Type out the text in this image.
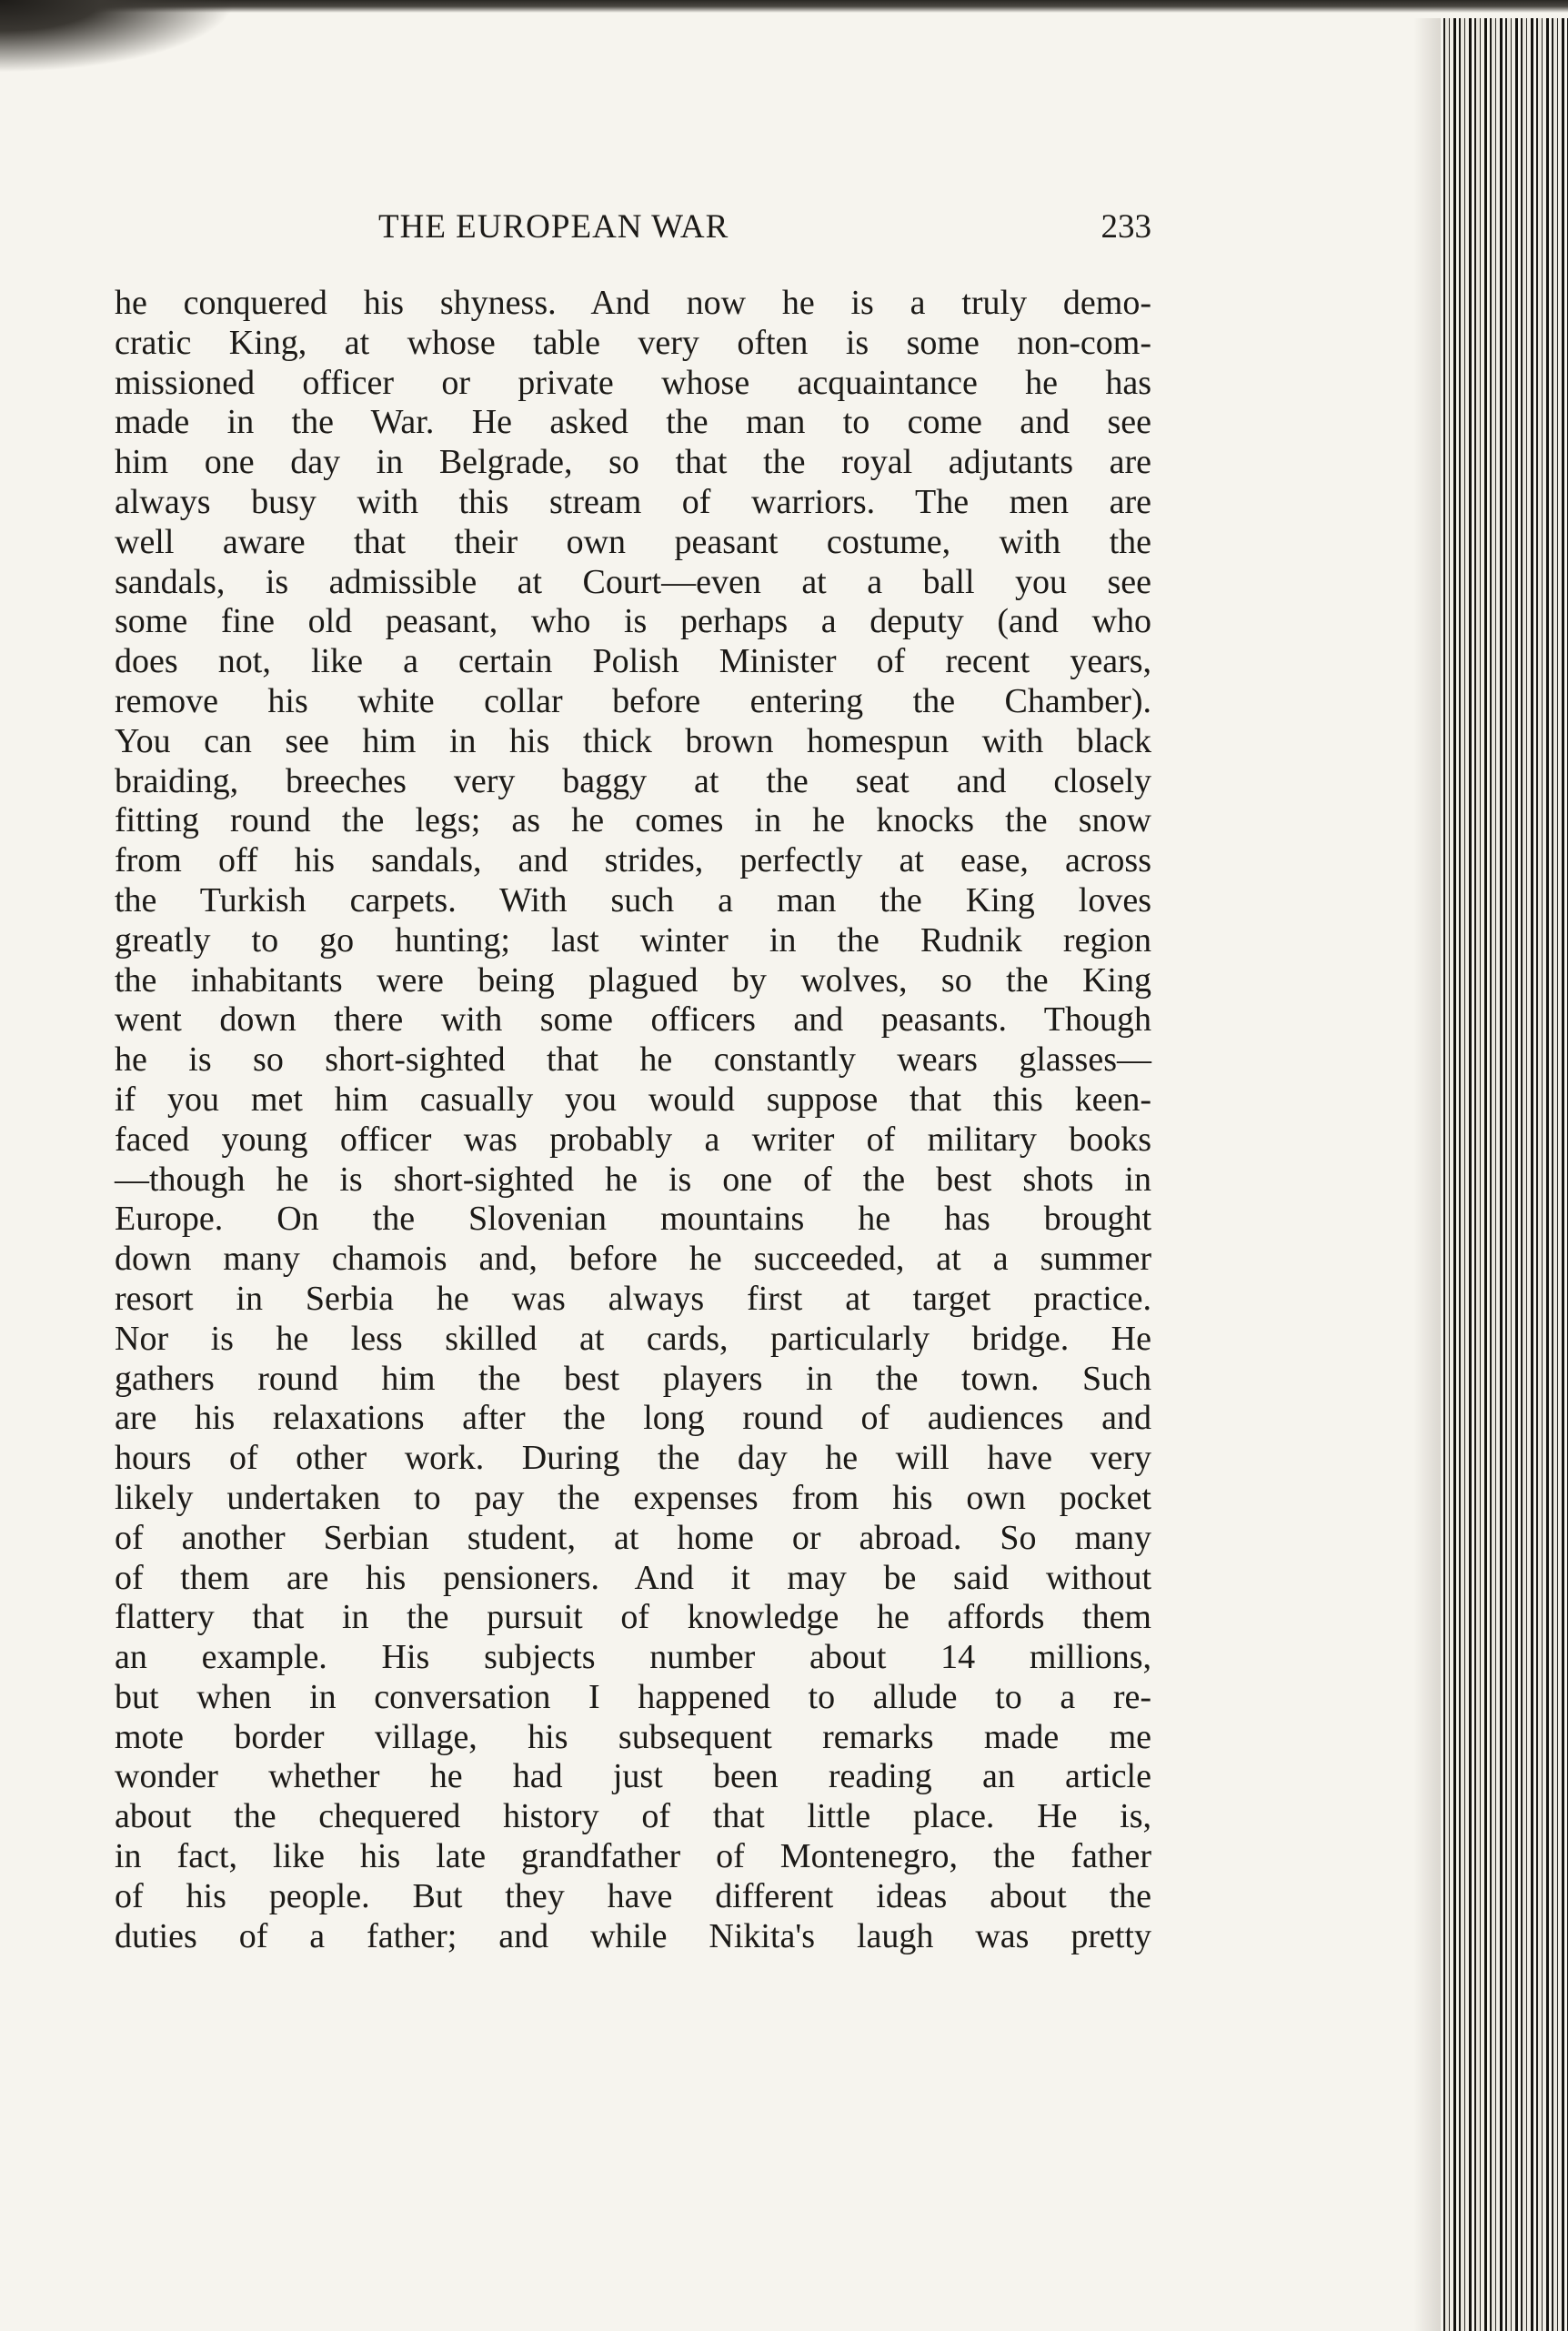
THE EUROPEAN WAR	233
he conquered his shyness. And now he is a truly demo-
cratic King, at whose table very often is some non-com-
missioned officer or private whose acquaintance he has
made in the War. He asked the man to come and see
him one day in Belgrade, so that the royal adjutants are
always busy with this stream of warriors. The men are
well aware that their own peasant costume, with the
sandals, is admissible at Court—even at a ball you see
some fine old peasant, who is perhaps a deputy (and who
does not, like a certain Polish Minister of recent years,
remove his white collar before entering the Chamber).
You can see him in his thick brown homespun with black
braiding, breeches very baggy at the seat and closely
fitting round the legs; as he comes in he knocks the snow
from off his sandals, and strides, perfectly at ease, across
the Turkish carpets. With such a man the King loves
greatly to go hunting; last winter in the Rudnik region
the inhabitants were being plagued by wolves, so the King
went down there with some officers and peasants. Though
he is so short-sighted that he constantly wears glasses—
if you met him casually you would suppose that this keen-
faced young officer was probably a writer of military books
—though he is short-sighted he is one of the best shots in
Europe. On the Slovenian mountains he has brought
down many chamois and, before he succeeded, at a summer
resort in Serbia he was always first at target practice.
Nor is he less skilled at cards, particularly bridge. He
gathers round him the best players in the town. Such
are his relaxations after the long round of audiences and
hours of other work. During the day he will have very
likely undertaken to pay the expenses from his own pocket
of another Serbian student, at home or abroad. So many
of them are his pensioners. And it may be said without
flattery that in the pursuit of knowledge he affords them
an example. His subjects number about 14 millions,
but when in conversation I happened to allude to a re-
mote border village, his subsequent remarks made me
wonder whether he had just been reading an article
about the chequered history of that little place. He is,
in fact, like his late grandfather of Montenegro, the father
of his people. But they have different ideas about the
duties of a father; and while Nikita's laugh was pretty
